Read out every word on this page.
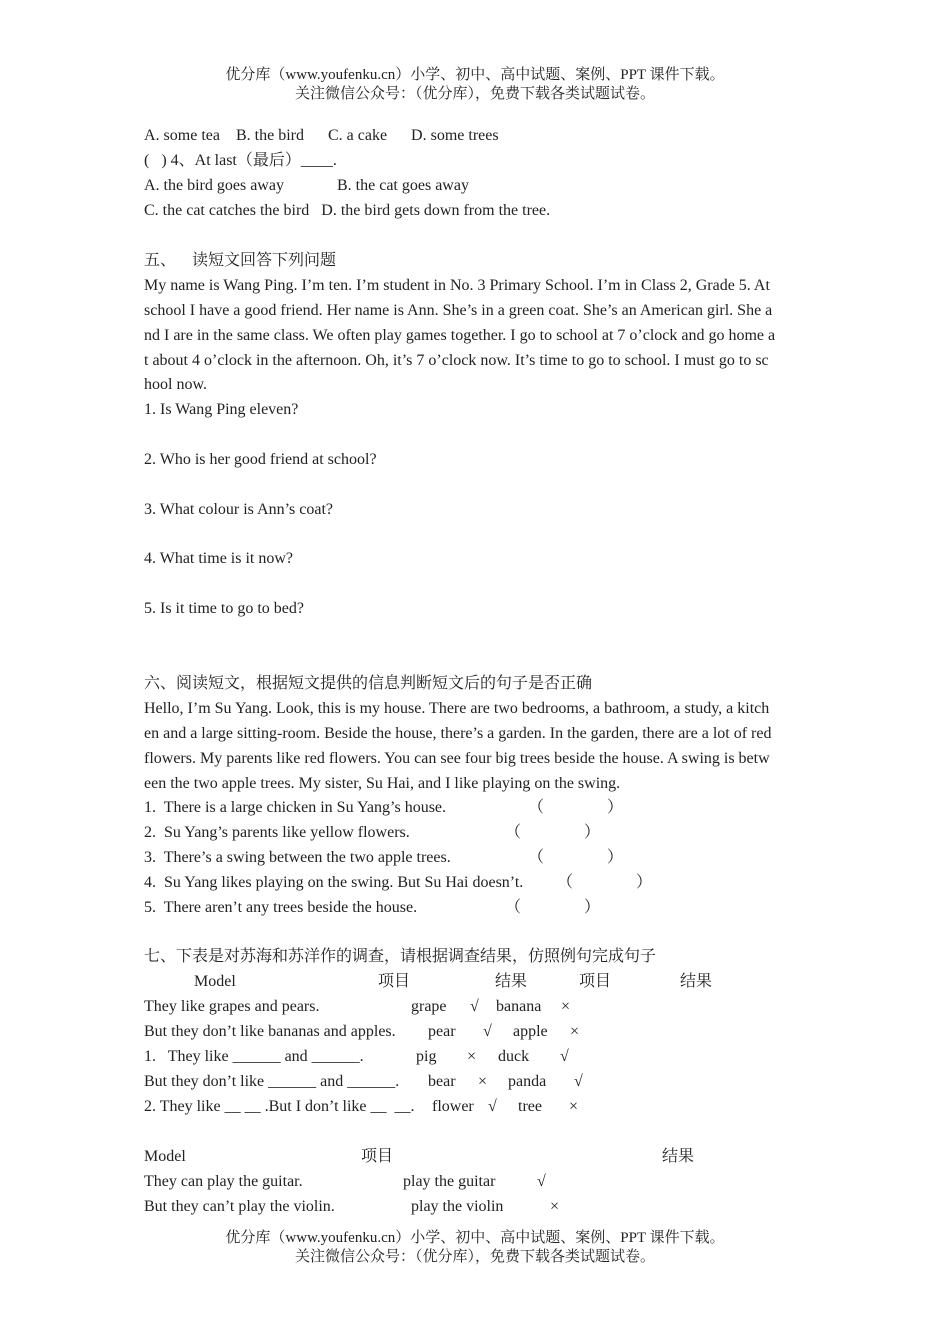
优分库（www.youfenku.cn）小学、初中、高中试题、案例、PPT 课件下载。
关注微信公众号：（优分库），免费下载各类试题试卷。
A. some tea    B. the bird      C. a cake      D. some trees
(   ) 4、At last（最后）____.
A. the bird goes away	B. the cat goes away
C. the cat catches the bird   D. the bird gets down from the tree.
五、    读短文回答下列问题
My name is Wang Ping. I’m ten. I’m student in No. 3 Primary School. I’m in Class 2, Grade 5. At
school I have a good friend. Her name is Ann. She’s in a green coat. She’s an American girl. She a
nd I are in the same class. We often play games together. I go to school at 7 o’clock and go home a
t about 4 o’clock in the afternoon. Oh, it’s 7 o’clock now. It’s time to go to school. I must go to sc
hool now.
1. Is Wang Ping eleven?
2. Who is her good friend at school?
3. What colour is Ann’s coat?
4. What time is it now?
5. Is it time to go to bed?
六、阅读短文，根据短文提供的信息判断短文后的句子是否正确
Hello, I’m Su Yang. Look, this is my house. There are two bedrooms, a bathroom, a study, a kitch
en and a large sitting-room. Beside the house, there’s a garden. In the garden, there are a lot of red
flowers. My parents like red flowers. You can see four big trees beside the house. A swing is betw
een the two apple trees. My sister, Su Hai, and I like playing on the swing.
1.  There is a large chicken in Su Yang’s house.	（	）
2.  Su Yang’s parents like yellow flowers.	（	）
3.  There’s a swing between the two apple trees.	（	）
4.  Su Yang likes playing on the swing. But Su Hai doesn’t. （	）
5.  There aren’t any trees beside the house.	（	）
七、下表是对苏海和苏洋作的调查，请根据调查结果，仿照例句完成句子
Model	项目	结果	项目	结果
They like grapes and pears.	grape √ banana ×
But they don’t like bananas and apples. pear √ apple ×
1.   They like ______ and ______.	pig × duck √
But they don’t like ______ and ______. bear × panda √
2. They like __ __ .But I don’t like __  __. flower √ tree ×
Model	项目	结果
They can play the guitar.	play the guitar	√
But they can’t play the violin.	play the violin	×
优分库（www.youfenku.cn）小学、初中、高中试题、案例、PPT 课件下载。
关注微信公众号：（优分库），免费下载各类试题试卷。
